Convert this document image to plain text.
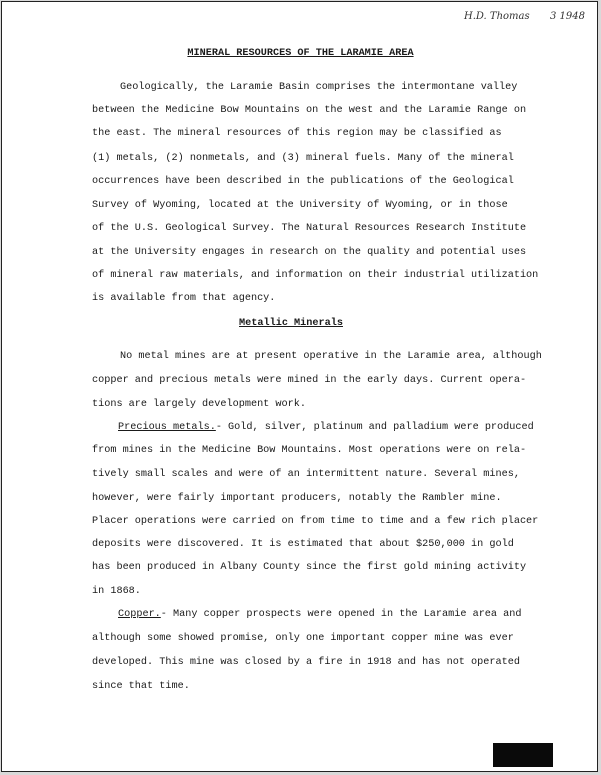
H.D. Thomas 3 1948
MINERAL RESOURCES OF THE LARAMIE AREA
Geologically, the Laramie Basin comprises the intermontane valley
between the Medicine Bow Mountains on the west and the Laramie Range on
the east. The mineral resources of this region may be classified as
(1) metals, (2) nonmetals, and (3) mineral fuels. Many of the mineral
occurrences have been described in the publications of the Geological
Survey of Wyoming, located at the University of Wyoming, or in those
of the U.S. Geological Survey. The Natural Resources Research Institute
at the University engages in research on the quality and potential uses
of mineral raw materials, and information on their industrial utilization
is available from that agency.
Metallic Minerals
No metal mines are at present operative in the Laramie area, although
copper and precious metals were mined in the early days. Current opera-
tions are largely development work.
Precious metals.- Gold, silver, platinum and palladium were produced
from mines in the Medicine Bow Mountains. Most operations were on rela-
tively small scales and were of an intermittent nature. Several mines,
however, were fairly important producers, notably the Rambler mine.
Placer operations were carried on from time to time and a few rich placer
deposits were discovered. It is estimated that about $250,000 in gold
has been produced in Albany County since the first gold mining activity
in 1868.
Copper.- Many copper prospects were opened in the Laramie area and
although some showed promise, only one important copper mine was ever
developed. This mine was closed by a fire in 1918 and has not operated
since that time.
